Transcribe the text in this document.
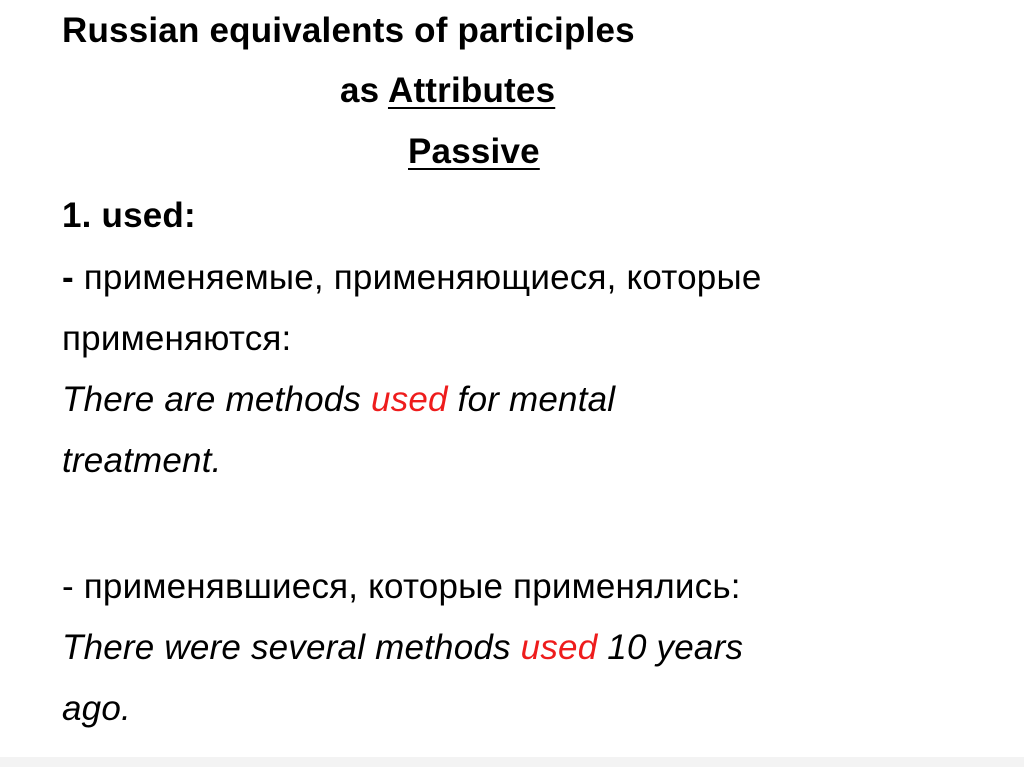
Russian equivalents of participles
as Attributes
Passive
1. used:
- применяемые, применяющиеся, которые
применяются:
There are methods used for mental
treatment.
- применявшиеся, которые применялись:
There were several methods used 10 years
ago.
